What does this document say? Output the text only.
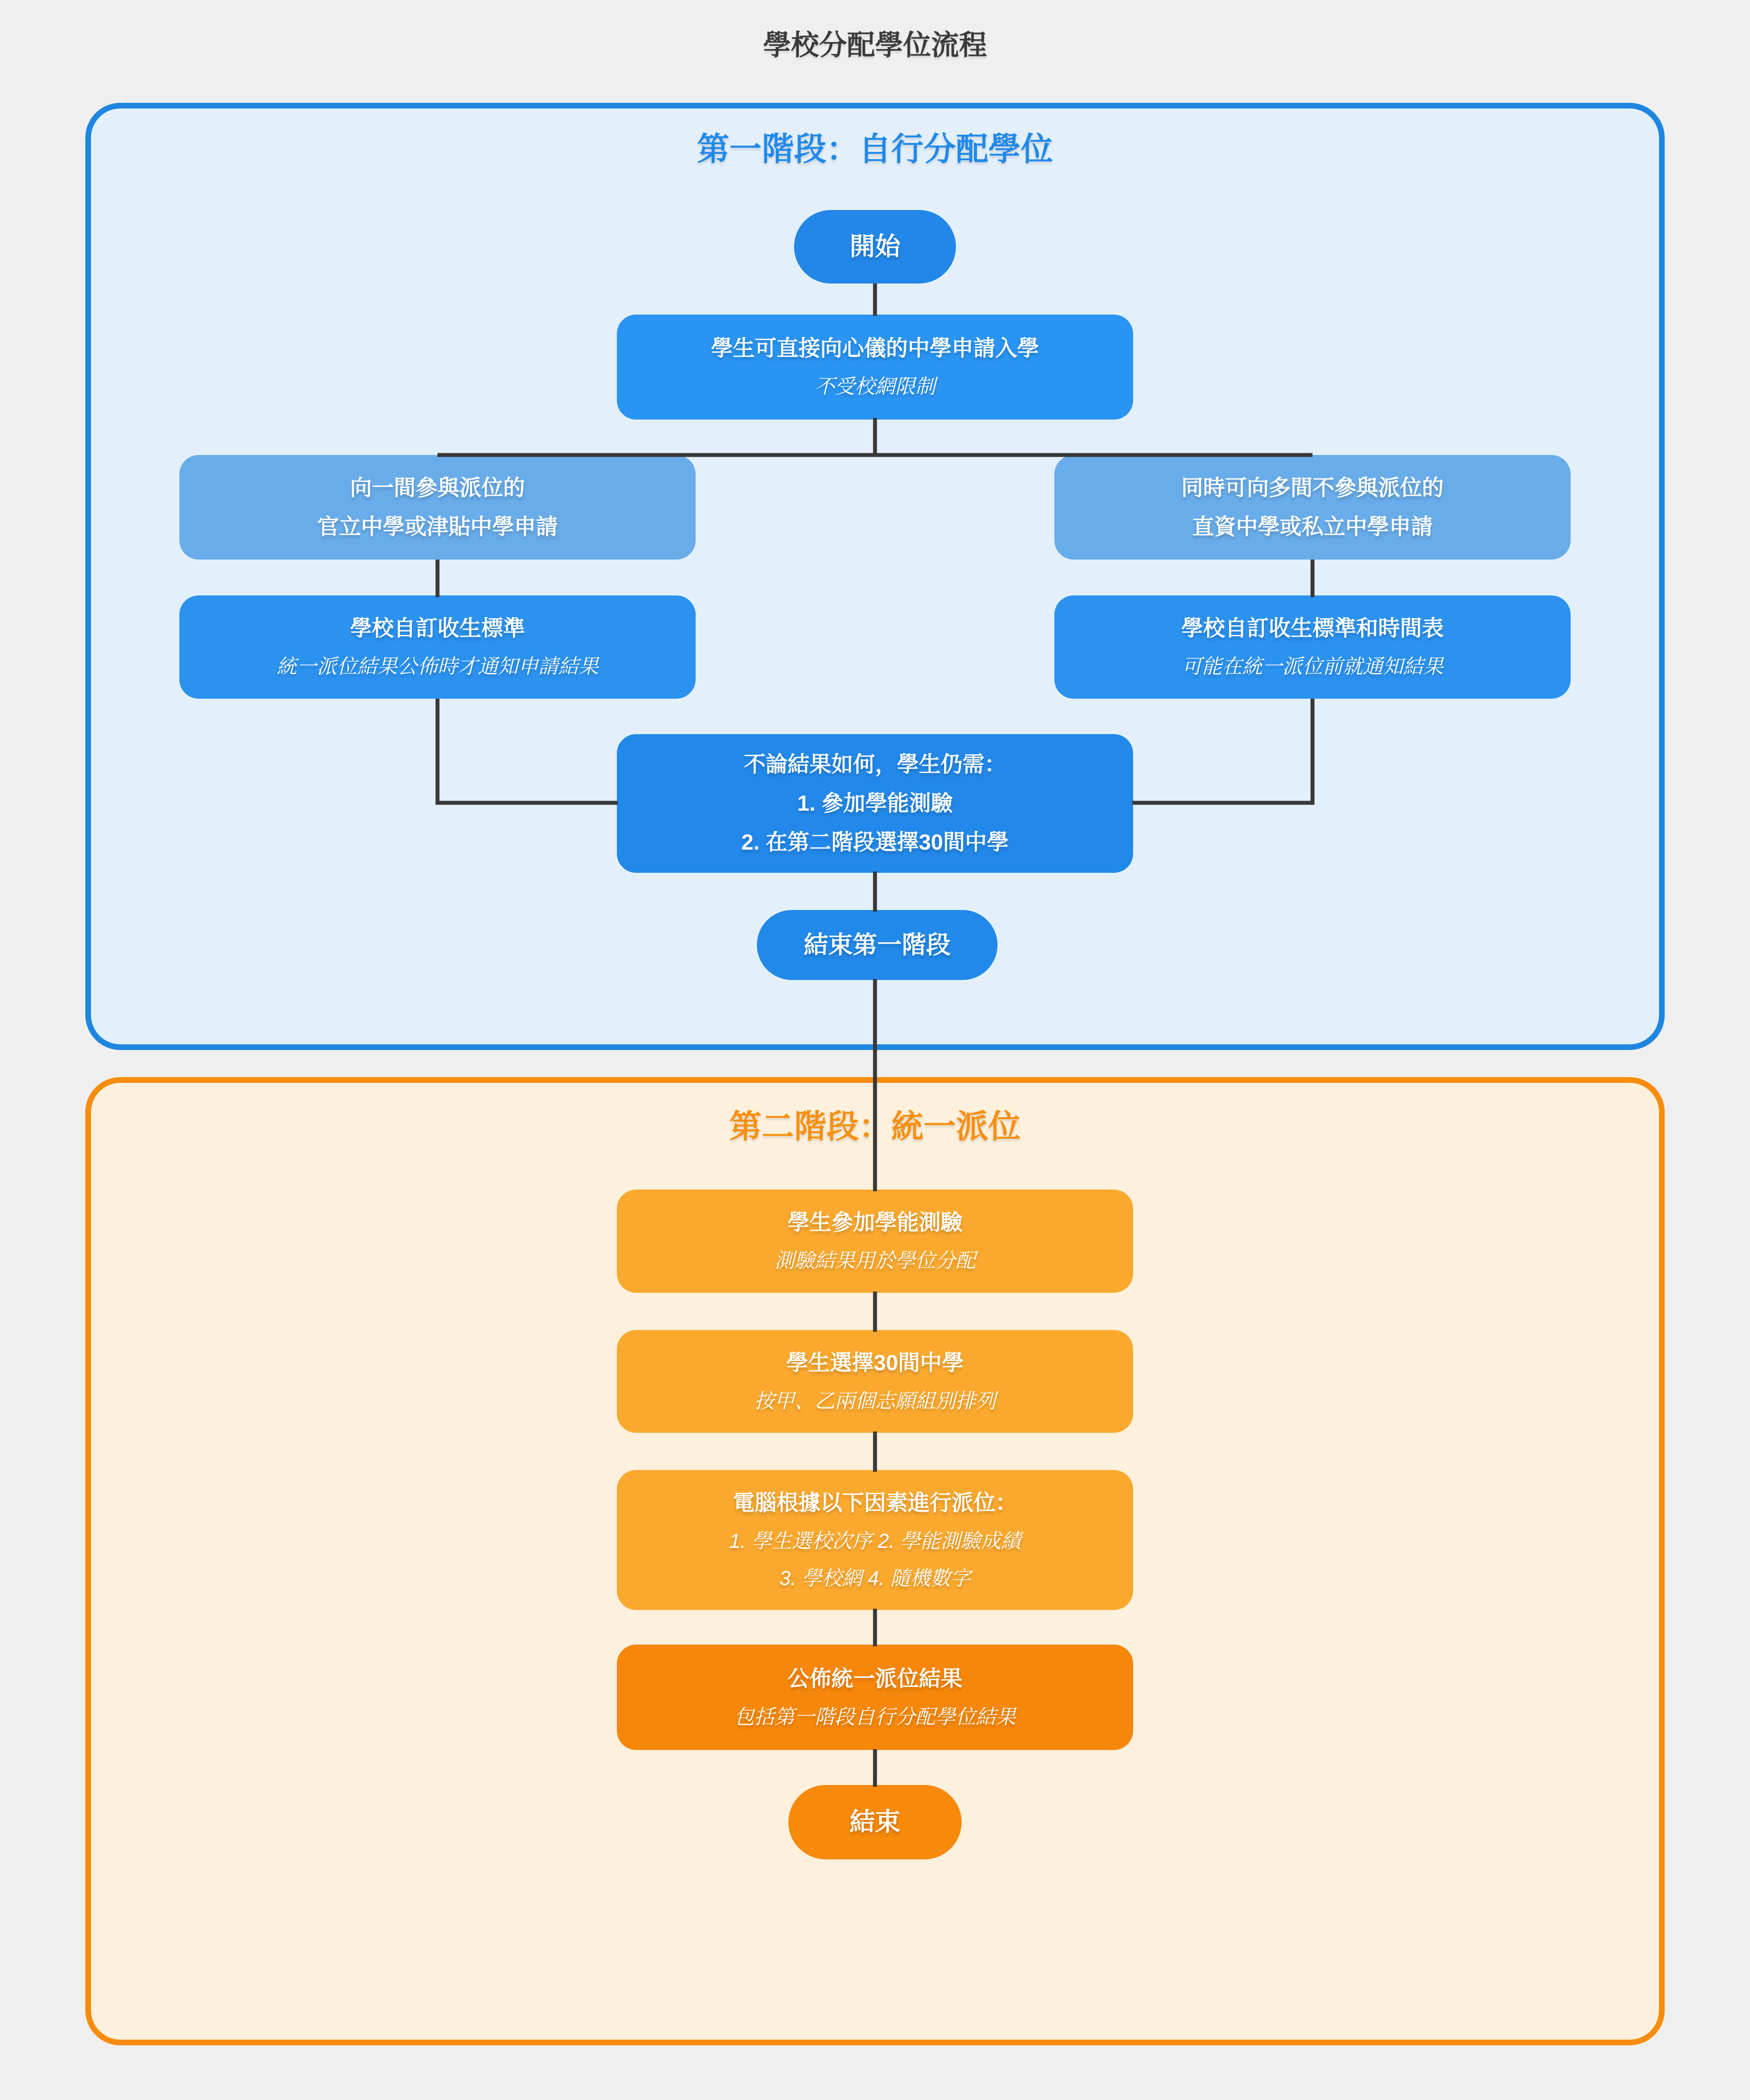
學校分配學位流程
第一階段：自行分配學位
第二階段：統一派位
開始
學生可直接向心儀的中學申請入學
不受校網限制
向一間參與派位的
官立中學或津貼中學申請
同時可向多間不參與派位的
直資中學或私立中學申請
學校自訂收生標準
統一派位結果公佈時才通知申請結果
學校自訂收生標準和時間表
可能在統一派位前就通知結果
不論結果如何，學生仍需：
1. 參加學能測驗
2. 在第二階段選擇30間中學
結束第一階段
學生參加學能測驗
測驗結果用於學位分配
學生選擇30間中學
按甲、乙兩個志願組別排列
電腦根據以下因素進行派位：
1. 學生選校次序 2. 學能測驗成績
3. 學校網 4. 隨機數字
公佈統一派位結果
包括第一階段自行分配學位結果
結束
